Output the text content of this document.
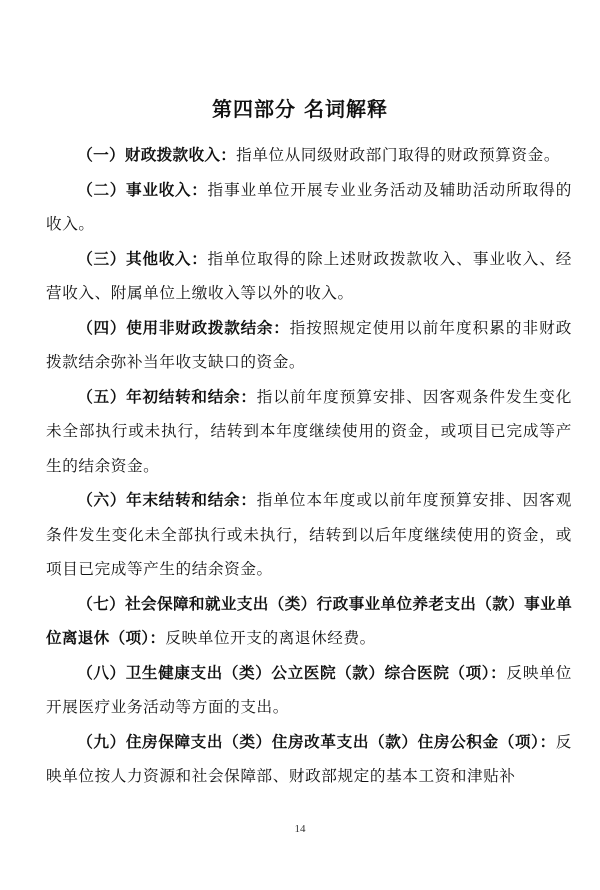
第四部分 名词解释

（一）财政拨款收入：指单位从同级财政部门取得的财政预算资金。

（二）事业收入：指事业单位开展专业业务活动及辅助活动所取得的收入。

（三）其他收入：指单位取得的除上述财政拨款收入、事业收入、经营收入、附属单位上缴收入等以外的收入。

（四）使用非财政拨款结余：指按照规定使用以前年度积累的非财政拨款结余弥补当年收支缺口的资金。

（五）年初结转和结余：指以前年度预算安排、因客观条件发生变化未全部执行或未执行，结转到本年度继续使用的资金，或项目已完成等产生的结余资金。

（六）年末结转和结余：指单位本年度或以前年度预算安排、因客观条件发生变化未全部执行或未执行，结转到以后年度继续使用的资金，或项目已完成等产生的结余资金。

（七）社会保障和就业支出（类）行政事业单位养老支出（款）事业单位离退休（项）：反映单位开支的离退休经费。

（八）卫生健康支出（类）公立医院（款）综合医院（项）：反映单位开展医疗业务活动等方面的支出。

（九）住房保障支出（类）住房改革支出（款）住房公积金（项）：反映单位按人力资源和社会保障部、财政部规定的基本工资和津贴补

14
